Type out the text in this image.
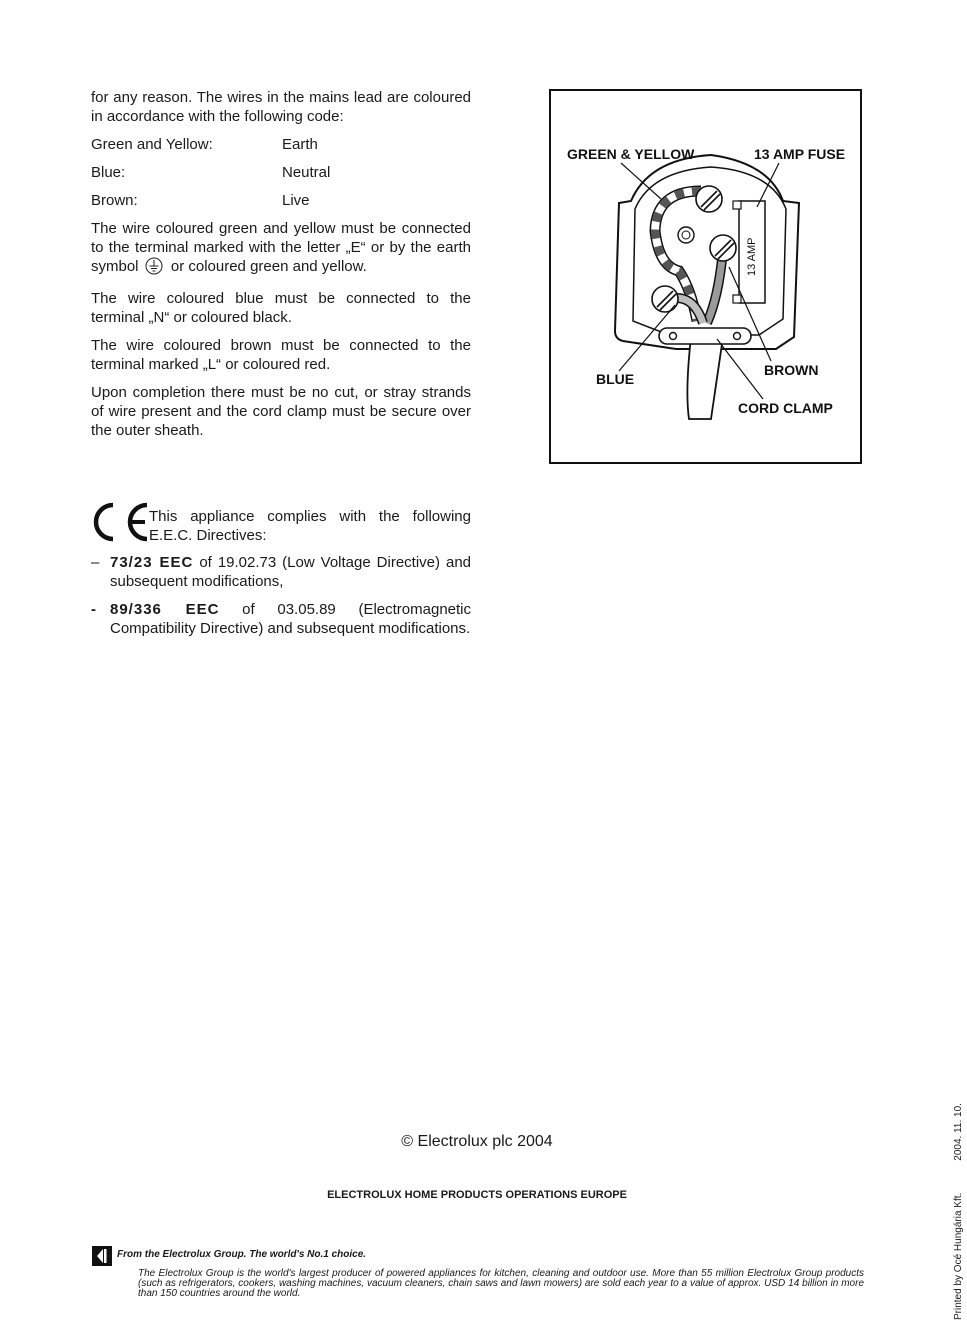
for any reason. The wires in the mains lead are coloured in accordance with the following code:

Green and Yellow:	Earth
Blue:	Neutral
Brown:	Live

The wire coloured green and yellow must be connected to the terminal marked with the letter „E“ or by the earth symbol or coloured green and yellow.

The wire coloured blue must be connected to the terminal „N“ or coloured black.

The wire coloured brown must be connected to the terminal marked „L“ or coloured red.

Upon completion there must be no cut, or stray strands of wire present and the cord clamp must be secure over the outer sheath.

13 AMP
GREEN & YELLOW	13 AMP FUSE
BLUE
BROWN
CORD CLAMP
This appliance complies with the following E.E.C. Directives:
– 73/23 EEC of 19.02.73 (Low Voltage Directive) and subsequent modifications,
- 89/336 EEC of 03.05.89 (Electromagnetic Compatibility Directive) and subsequent modifications.
© Electrolux plc 2004
ELECTROLUX HOME PRODUCTS OPERATIONS EUROPE
From the Electrolux Group. The world's No.1 choice.
The Electrolux Group is the world's largest producer of powered appliances for kitchen, cleaning and outdoor use. More than 55 million Electrolux Group products (such as refrigerators, cookers, washing machines, vacuum cleaners, chain saws and lawn mowers) are sold each year to a value of approx. USD 14 billion in more than 150 countries around the world.	Printed by Océ Hungária Kft.
2004. 11. 10.
